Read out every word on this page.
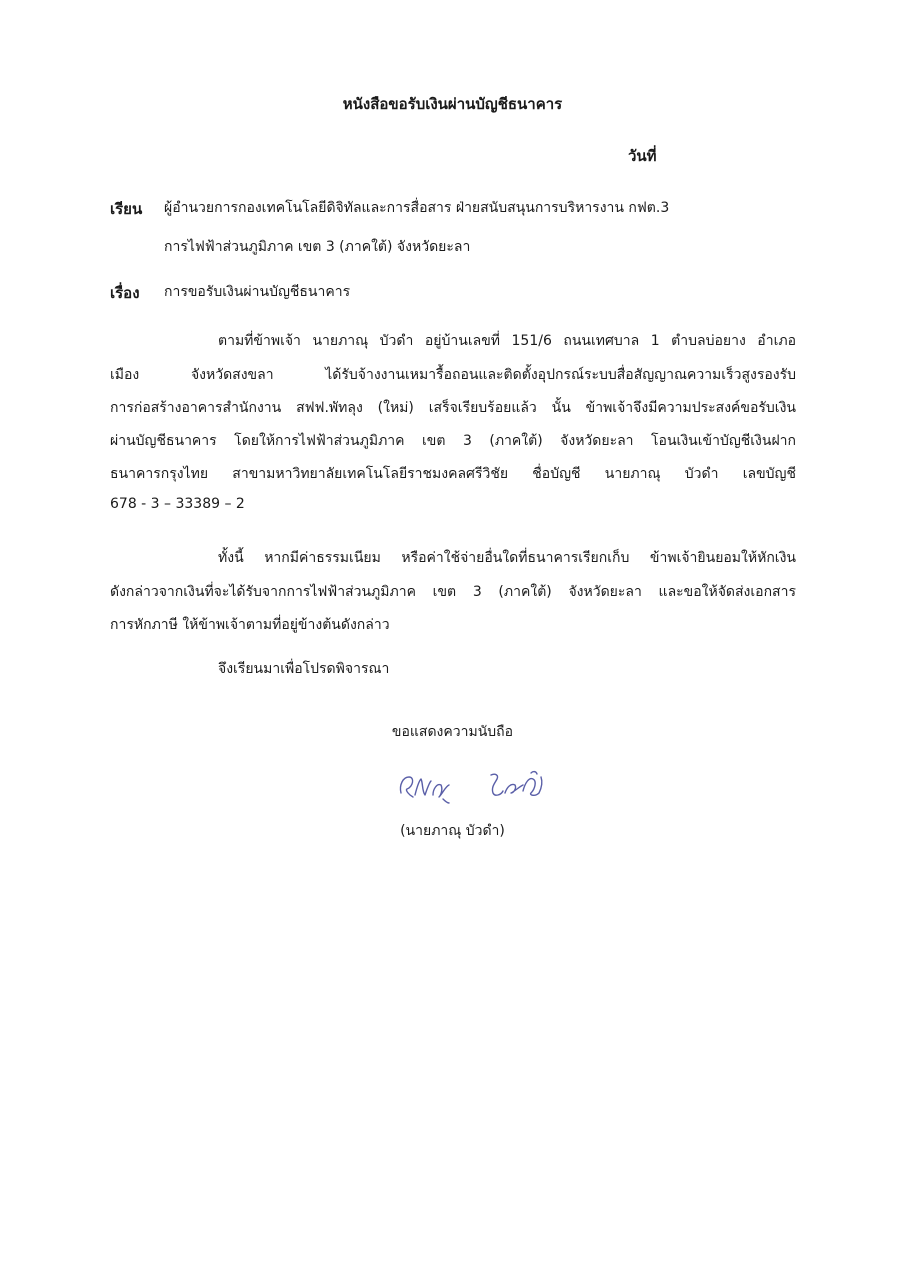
หนังสือขอรับเงินผ่านบัญชีธนาคาร
วันที่
เรียน ผู้อำนวยการกองเทคโนโลยีดิจิทัลและการสื่อสาร ฝ่ายสนับสนุนการบริหารงาน กฟต.3
การไฟฟ้าส่วนภูมิภาค เขต 3 (ภาคใต้) จังหวัดยะลา
เรื่อง การขอรับเงินผ่านบัญชีธนาคาร
ตามที่ข้าพเจ้า นายภาณุ บัวดำ อยู่บ้านเลขที่ 151/6 ถนนเทศบาล 1 ตำบลบ่อยาง อำเภอ
เมือง จังหวัดสงขลา ได้รับจ้างงานเหมารื้อถอนและติดตั้งอุปกรณ์ระบบสื่อสัญญาณความเร็วสูงรองรับ
การก่อสร้างอาคารสำนักงาน สฟฟ.พัทลุง (ใหม่) เสร็จเรียบร้อยแล้ว นั้น ข้าพเจ้าจึงมีความประสงค์ขอรับเงิน
ผ่านบัญชีธนาคาร โดยให้การไฟฟ้าส่วนภูมิภาค เขต 3 (ภาคใต้) จังหวัดยะลา โอนเงินเข้าบัญชีเงินฝาก
ธนาคารกรุงไทย สาขามหาวิทยาลัยเทคโนโลยีราชมงคลศรีวิชัย ชื่อบัญชี นายภาณุ บัวดำ เลขบัญชี
678 - 3 – 33389 – 2
ทั้งนี้ หากมีค่าธรรมเนียม หรือค่าใช้จ่ายอื่นใดที่ธนาคารเรียกเก็บ ข้าพเจ้ายินยอมให้หักเงิน
ดังกล่าวจากเงินที่จะได้รับจากการไฟฟ้าส่วนภูมิภาค เขต 3 (ภาคใต้) จังหวัดยะลา และขอให้จัดส่งเอกสาร
การหักภาษี ให้ข้าพเจ้าตามที่อยู่ข้างต้นดังกล่าว
จึงเรียนมาเพื่อโปรดพิจารณา
ขอแสดงความนับถือ
(นายภาณุ บัวดำ)
